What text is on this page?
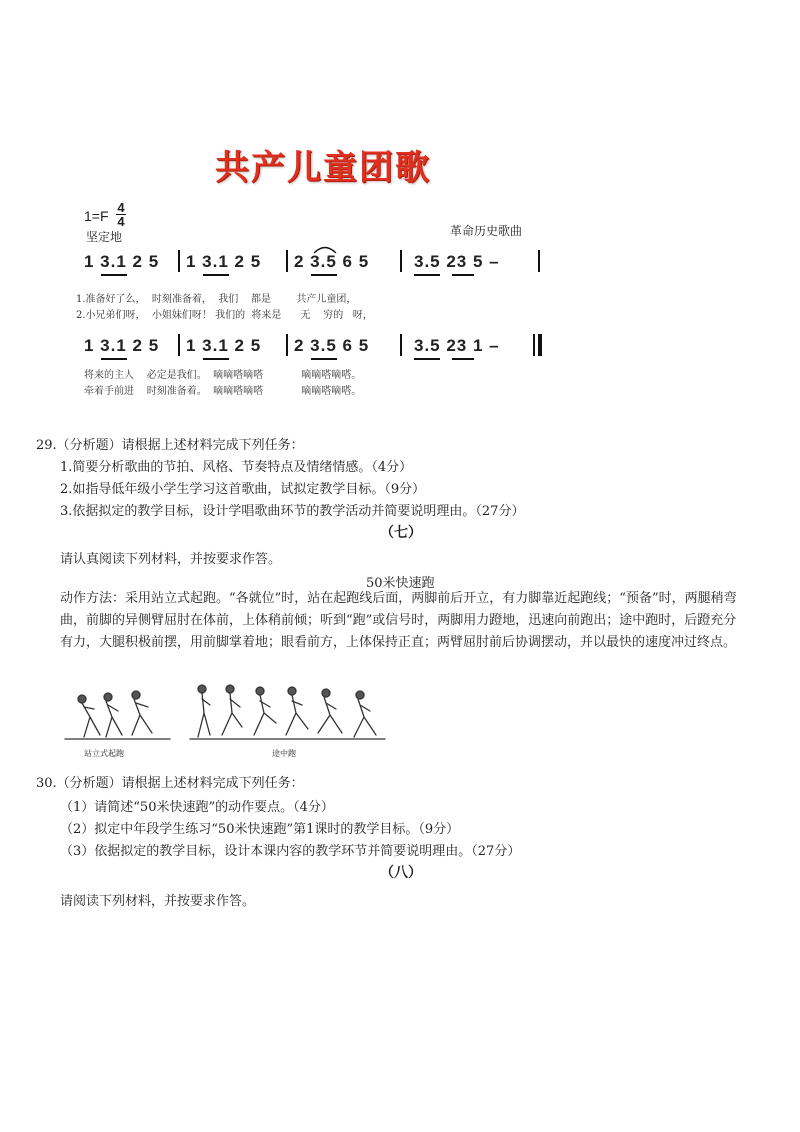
共产儿童团歌
1=F
4
4
坚定地	革命历史歌曲
1 3.1 2 5 1 3.1 2 5 2 3.5 6 5	3.5 23 5 –
1.准备好了么，  时刻准备着，  我们    都是        共产儿童团，
2.小兄弟们呀，  小姐妹们呀！ 我们的  将来是      无    穷的   呀，
1 3.1 2 5 1 3.1 2 5 2 3.5 6 5	3.5 23 1 –
将来的主人    必定是我们。  嘀嘀嗒嘀嗒            嘀嘀嗒嘀嗒。
牵着手前进    时刻准备着。  嘀嘀嗒嘀嗒            嘀嘀嗒嘀嗒。
29.（分析题）请根据上述材料完成下列任务：
1.简要分析歌曲的节拍、风格、节奏特点及情绪情感。（4分）
2.如指导低年级小学生学习这首歌曲，试拟定教学目标。（9分）
3.依据拟定的教学目标，设计学唱歌曲环节的教学活动并简要说明理由。（27分）
（七）
请认真阅读下列材料，并按要求作答。
50米快速跑
动作方法：采用站立式起跑。“各就位”时，站在起跑线后面，两脚前后开立，有力脚靠近起跑线；“预备”时，两腿稍弯曲，前脚的异侧臂屈肘在体前，上体稍前倾；听到“跑”或信号时，两脚用力蹬地，迅速向前跑出；途中跑时，后蹬充分有力，大腿积极前摆，用前脚掌着地；眼看前方，上体保持正直；两臂屈肘前后协调摆动，并以最快的速度冲过终点。
站立式起跑	途中跑
30.（分析题）请根据上述材料完成下列任务：
（1）请简述“50米快速跑”的动作要点。（4分）
（2）拟定中年段学生练习“50米快速跑”第1课时的教学目标。（9分）
（3）依据拟定的教学目标，设计本课内容的教学环节并简要说明理由。（27分）
（八）
请阅读下列材料，并按要求作答。
